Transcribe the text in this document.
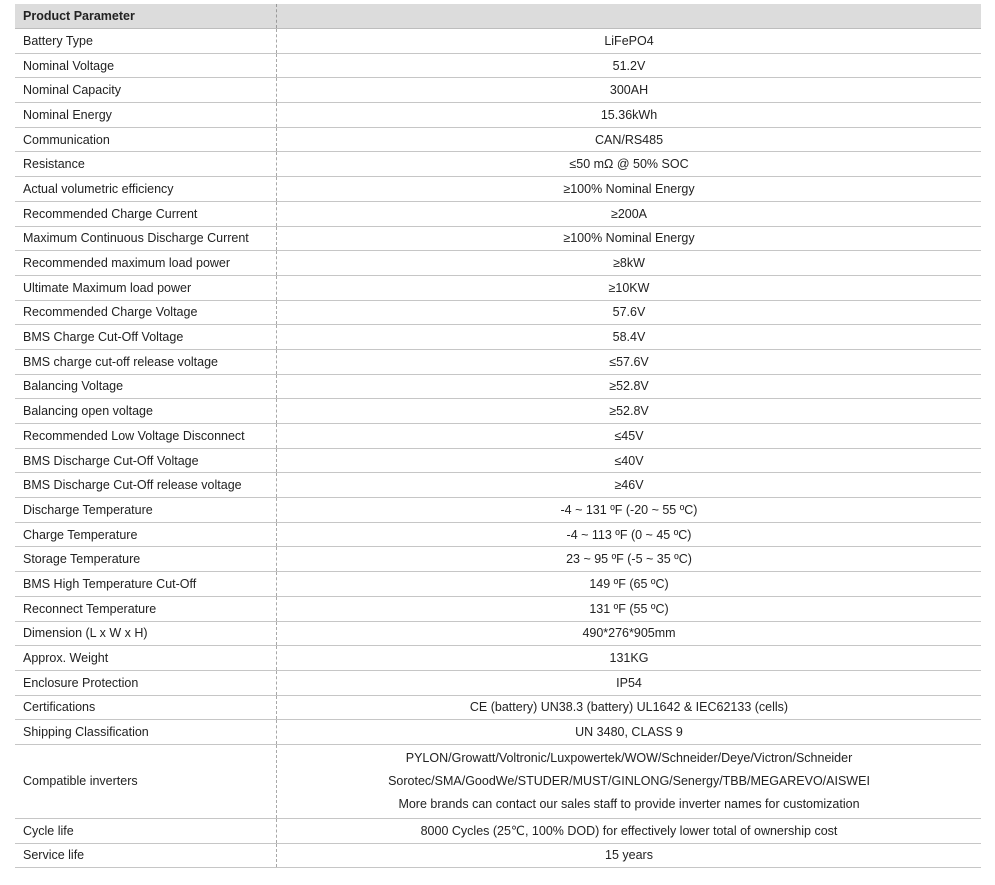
Product Parameter
Battery Type	LiFePO4
Nominal Voltage	51.2V
Nominal Capacity	300AH
Nominal Energy	15.36kWh
Communication	CAN/RS485
Resistance	≤50 mΩ @ 50% SOC
Actual volumetric efficiency	≥100% Nominal Energy
Recommended Charge Current	≥200A
Maximum Continuous Discharge Current	≥100% Nominal Energy
Recommended maximum load power	≥8kW
Ultimate Maximum load power	≥10KW
Recommended Charge Voltage	57.6V
BMS Charge Cut-Off Voltage	58.4V
BMS charge cut-off release voltage	≤57.6V
Balancing Voltage	≥52.8V
Balancing open voltage	≥52.8V
Recommended Low Voltage Disconnect	≤45V
BMS Discharge Cut-Off Voltage	≤40V
BMS Discharge Cut-Off release voltage	≥46V
Discharge Temperature	-4 ~ 131 ºF (-20 ~ 55 ºC)
Charge Temperature	-4 ~ 113 ºF (0 ~ 45 ºC)
Storage Temperature	23 ~ 95 ºF (-5 ~ 35 ºC)
BMS High Temperature Cut-Off	149 ºF (65 ºC)
Reconnect Temperature	131 ºF (55 ºC)
Dimension (L x W x H)	490*276*905mm
Approx. Weight	131KG
Enclosure Protection	IP54
Certifications	CE (battery) UN38.3 (battery) UL1642 & IEC62133 (cells)
Shipping Classification	UN 3480, CLASS 9
Compatible inverters
PYLON/Growatt/Voltronic/Luxpowertek/WOW/Schneider/Deye/Victron/Schneider
Sorotec/SMA/GoodWe/STUDER/MUST/GINLONG/Senergy/TBB/MEGAREVO/AISWEI
More brands can contact our sales staff to provide inverter names for customization
Cycle life	8000 Cycles (25℃, 100% DOD) for effectively lower total of ownership cost
Service life	15 years
